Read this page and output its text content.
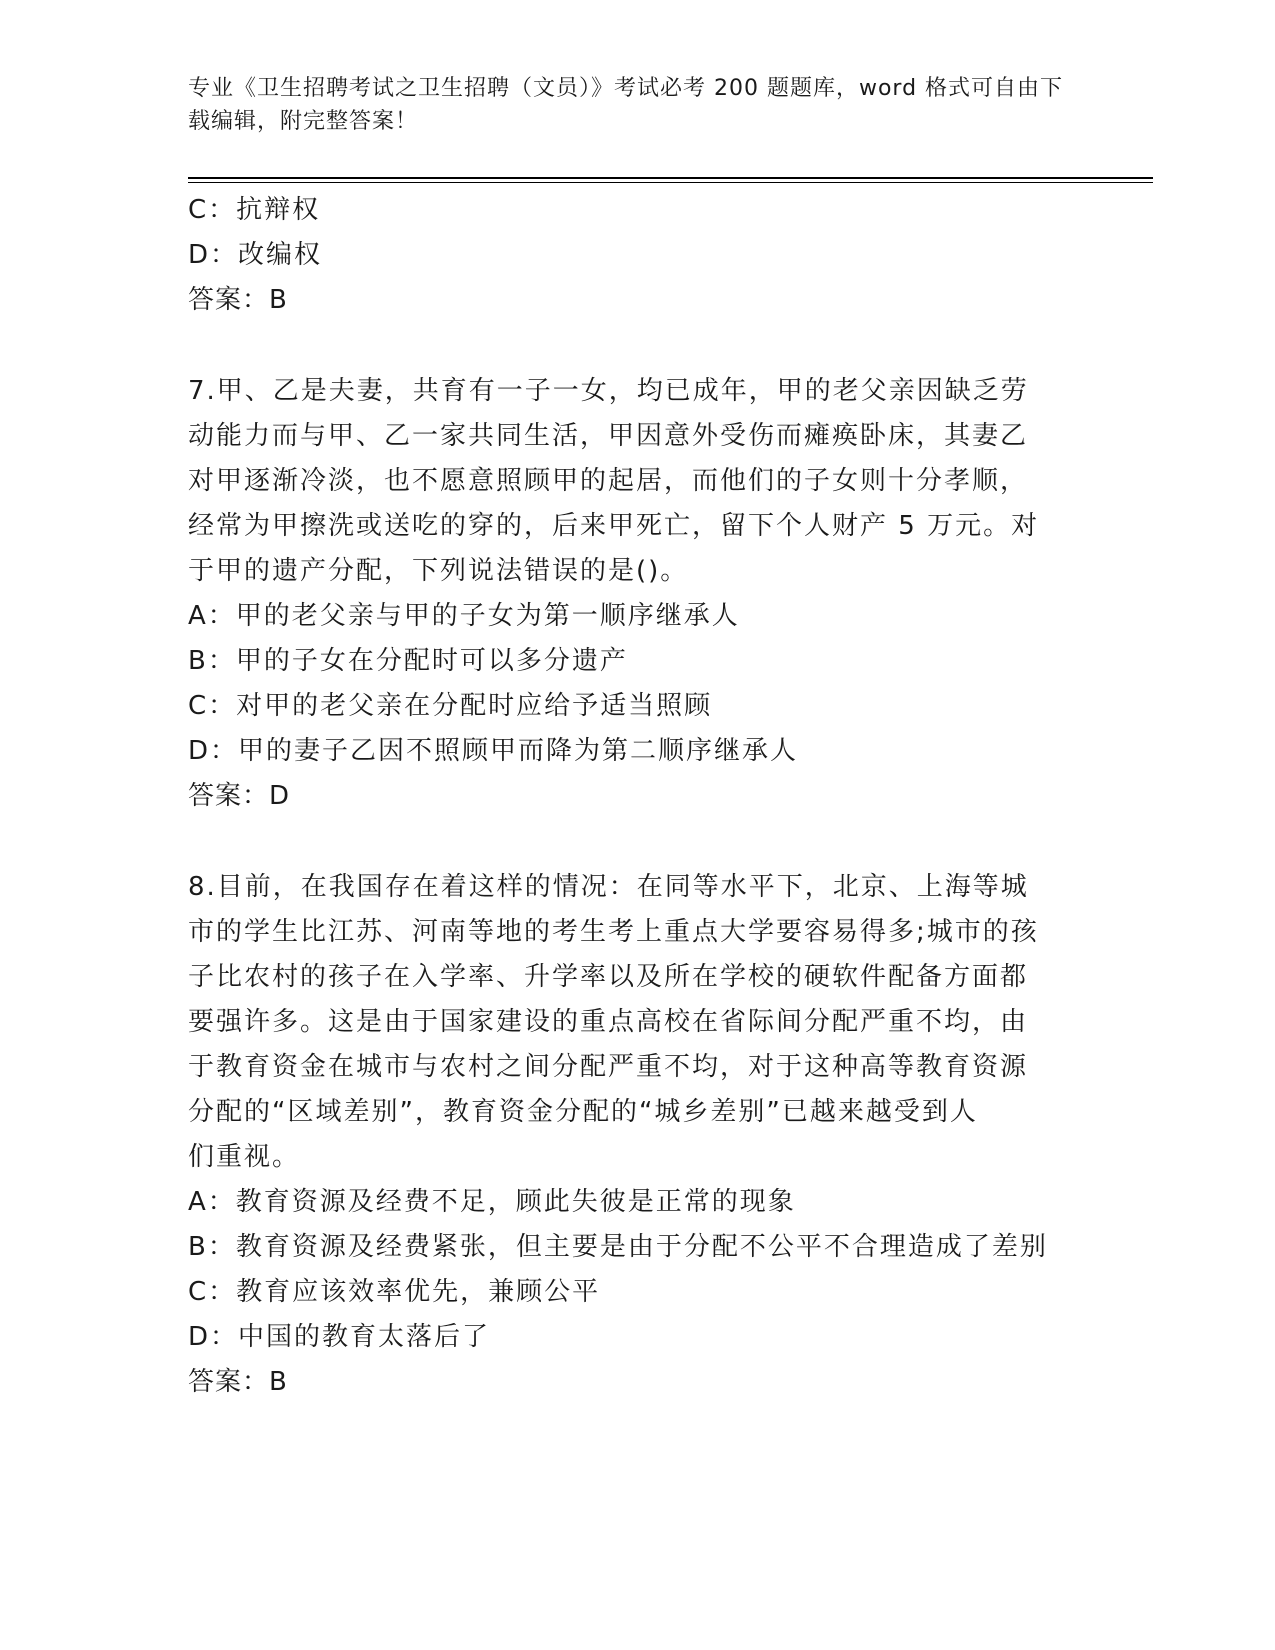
专业《卫生招聘考试之卫生招聘（文员）》考试必考 200 题题库，word 格式可自由下载编辑，附完整答案！
C：抗辩权
D：改编权
答案：B
7.甲、乙是夫妻，共育有一子一女，均已成年，甲的老父亲因缺乏劳
动能力而与甲、乙一家共同生活，甲因意外受伤而瘫痪卧床，其妻乙
对甲逐渐冷淡，也不愿意照顾甲的起居，而他们的子女则十分孝顺，
经常为甲擦洗或送吃的穿的，后来甲死亡，留下个人财产 5 万元。对
于甲的遗产分配，下列说法错误的是()。
A：甲的老父亲与甲的子女为第一顺序继承人
B：甲的子女在分配时可以多分遗产
C：对甲的老父亲在分配时应给予适当照顾
D：甲的妻子乙因不照顾甲而降为第二顺序继承人
答案：D
8.目前，在我国存在着这样的情况：在同等水平下，北京、上海等城
市的学生比江苏、河南等地的考生考上重点大学要容易得多;城市的孩
子比农村的孩子在入学率、升学率以及所在学校的硬软件配备方面都
要强许多。这是由于国家建设的重点高校在省际间分配严重不均，由
于教育资金在城市与农村之间分配严重不均，对于这种高等教育资源
分配的“区域差别”，教育资金分配的“城乡差别”已越来越受到人
们重视。
A：教育资源及经费不足，顾此失彼是正常的现象
B：教育资源及经费紧张，但主要是由于分配不公平不合理造成了差别
C：教育应该效率优先，兼顾公平
D：中国的教育太落后了
答案：B
